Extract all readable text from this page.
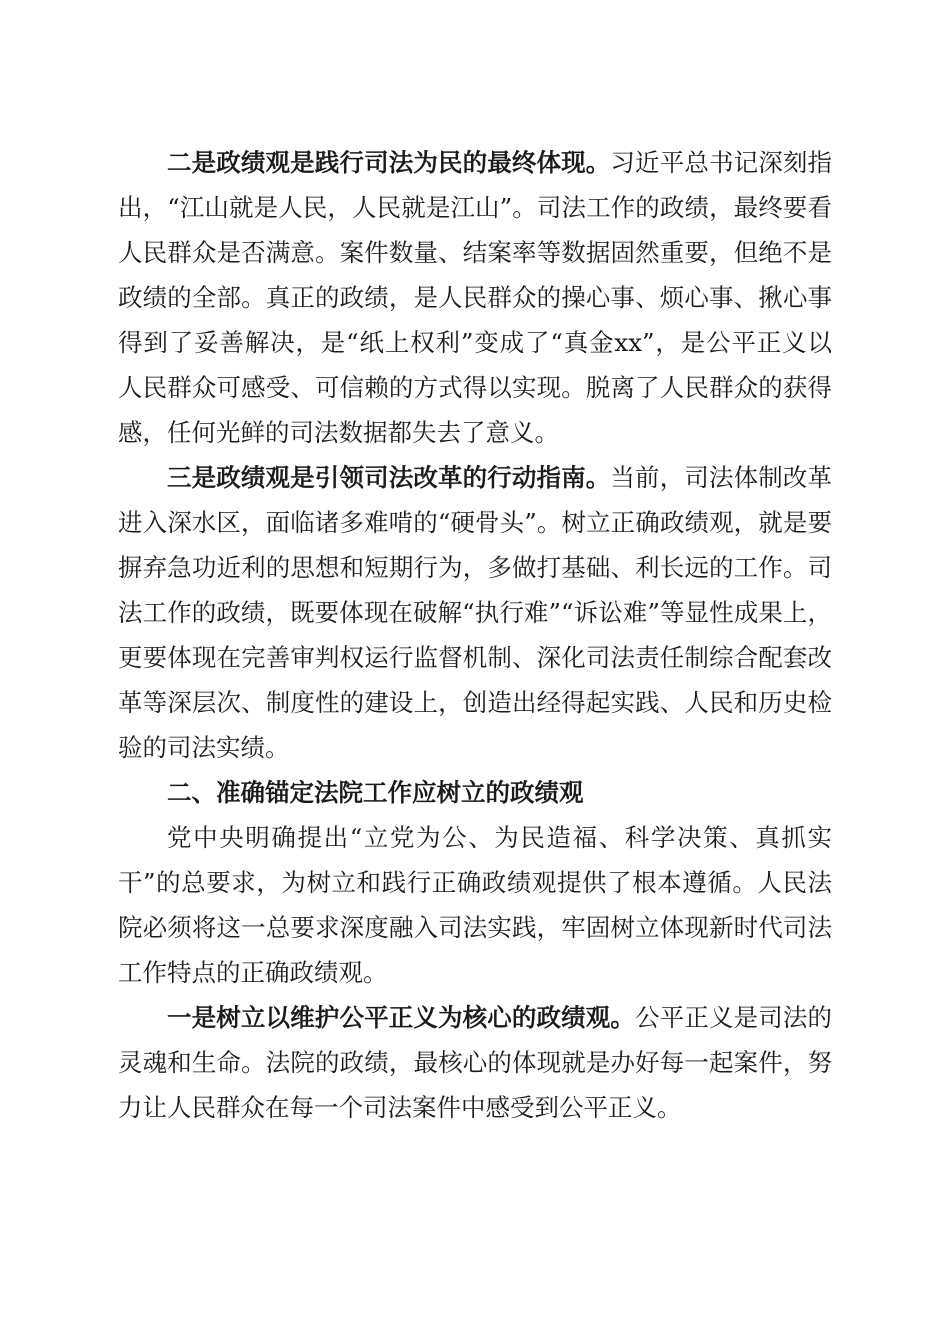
二是政绩观是践行司法为民的最终体现。习近平总书记深刻指出，“江山就是人民，人民就是江山”。司法工作的政绩，最终要看人民群众是否满意。案件数量、结案率等数据固然重要，但绝不是政绩的全部。真正的政绩，是人民群众的操心事、烦心事、揪心事得到了妥善解决，是“纸上权利”变成了“真金xx”，是公平正义以人民群众可感受、可信赖的方式得以实现。脱离了人民群众的获得感，任何光鲜的司法数据都失去了意义。

三是政绩观是引领司法改革的行动指南。当前，司法体制改革进入深水区，面临诸多难啃的“硬骨头”。树立正确政绩观，就是要摒弃急功近利的思想和短期行为，多做打基础、利长远的工作。司法工作的政绩，既要体现在破解“执行难”“诉讼难”等显性成果上，更要体现在完善审判权运行监督机制、深化司法责任制综合配套改革等深层次、制度性的建设上，创造出经得起实践、人民和历史检验的司法实绩。

二、准确锚定法院工作应树立的政绩观

党中央明确提出“立党为公、为民造福、科学决策、真抓实干”的总要求，为树立和践行正确政绩观提供了根本遵循。人民法院必须将这一总要求深度融入司法实践，牢固树立体现新时代司法工作特点的正确政绩观。

一是树立以维护公平正义为核心的政绩观。公平正义是司法的灵魂和生命。法院的政绩，最核心的体现就是办好每一起案件，努力让人民群众在每一个司法案件中感受到公平正义。
